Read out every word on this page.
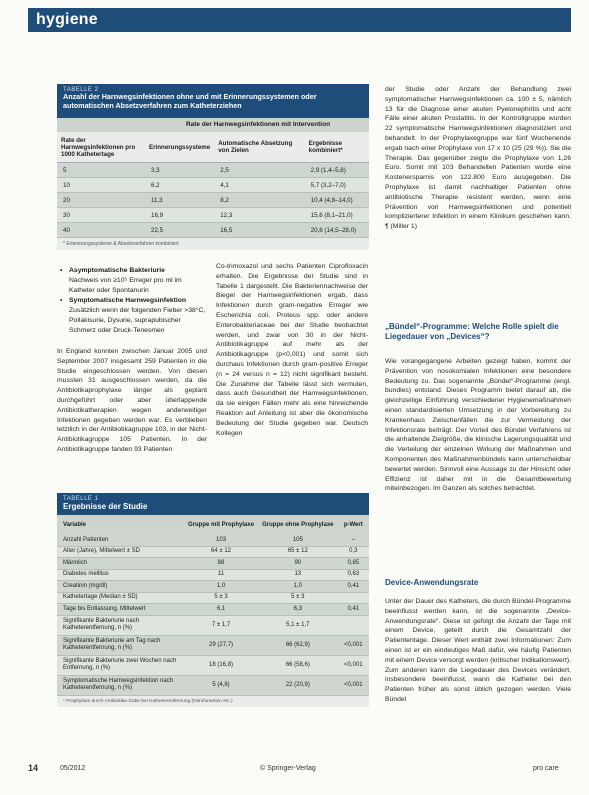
hygiene
TABELLE 2
Anzahl der Harnwegsinfektionen ohne und mit Erinnerungssystemen oder automatischen Absetzverfahren zum Katheterziehen
Rate der Harnwegsinfektionen mit Intervention
Rate der Harnwegsinfektionen pro 1000 Kathetertage	Erinnerungssysteme	Automatische Absetzung von Zielen	Ergebnisse kombiniert*
5	3,3	2,5	2,9 (1,4–5,8)
10	6,2	4,1	5,7 (3,2–7,0)
20	11,3	8,2	10,4 (4,8–14,0)
30	16,9	12,3	15,6 (8,1–21,0)
40	22,5	16,5	20,8 (14,5–28,0)
* Erinnerungssysteme & Absetzverfahren kombiniert
• Asymptomatische Bakteriurie
Nachweis von ≥10⁵ Erreger pro ml im Katheter oder Spontanurin
• Symptomatische Harnwegsinfektion
Zusätzlich wenn der folgenden Fieber >38°C, Pollakisurie, Dysurie, suprapubischer Schmerz oder Druck-Tenesmen
In England konnten zwischen Januar 2005 und September 2007 insgesamt 259 Patienten in die Studie eingeschlossen werden. Von diesen mussten 31 ausgeschlossen werden, da die Antibiotikaprophylaxe länger als geplant durchgeführt oder aber überlappende Antibiotikatherapien wegen anderweitiger Infektionen gegeben werden war. Es verblieben letztlich in der Antibiotikagruppe 103, in der Nicht-Antibiotikagruppe 105 Patienten. In der Antibiotikagruppe fanden 93 Patienten
Co-trimoxazol und sechs Patienten Ciprofloxacin erhalten. Die Ergebnisse der Studie sind in Tabelle 1 dargestellt. Die Bakteriennachweise der Biegel der Harnwegsinfektionen ergab, dass Infektionen durch gram-negative Erreger wie Escherichia coli, Proteus spp. oder andere Enterobakteriaceae bei der Studie beobachtet werden, und zwar von 30 in der Nicht-Antibiotikagruppe auf mehr als der Antibiotikagruppe (p<0,001) und somit sich durchaus Infektionen durch gram-positive Erreger (n = 24 versus n = 12) nicht signifikant besteht. Die Zunahme der Tabelle lässt sich vermuten, dass auch Gesundheit der Harnwegsinfektionen, da sie einigen Fällen mehr als eine hinreichende Reaktion auf Anleitung ist aber die ökonomische Bedeutung der Studie gegeben war. Deutsch Kollegen
TABELLE 1
Ergebnisse der Studie
Variable	Gruppe mit Prophylaxe	Gruppe ohne Prophylaxe	p-Wert
Anzahl Patienten	103	105	–
Alter (Jahre), Mittelwert ± SD	64 ± 12	65 ± 12	0,3
Männlich	88	90	0,85
Diabetes mellitus	11	13	0,63
Creatinin (mg/dl)	1,0	1,0	0,41
Kathetertage (Median ± SD)	5 ± 3	5 ± 3	
Tage bis Entlassung, Mittelwert	6,1	6,3	0,41
Signifikante Bakteriurie nach Katheterentfernung, n (%)	7 ± 1,7	5,1 ± 1,7	
Signifikante Bakteriurie am Tag nach Katheterentfernung, n (%)	29 (27,7)	66 (62,9)	<0,001
Signifikante Bakteriurie zwei Wochen nach Entfernung, n (%)	18 (16,8)	66 (58,6)	<0,001
Symptomatische Harnwegsinfektion nach Katheterentfernung, n (%)	5 (4,8)	22 (20,9)	<0,001
* Prophylaxe durch Antibiotika-Gabe bei Katheterentfernung (Nitrofurantoin etc.)
der Studie oder Anzahl der Behandlung zwei symptomatischer Harnwegsinfektionen ca. 100 ± 5, nämlich 13 für die Diagnose einer akuten Pyelonephritis und acht Fälle einer akuten Prostatitis. In der Kontrollgruppe wurden 22 symptomatische Harnwegsinfektionen diagnostiziert und behandelt. In der Prophylaxegruppe war fünf Wochenende ergab nach einer Prophylaxe von 17 x 10 (25 (29 %)). Sie die Therapie. Das gegenüber zeigte die Prophylaxe von 1,26 Euro. Somit mit 103 Behandelten Patienten wurde eine Kostenersparnis von 122.800 Euro ausgegeben. Die Prophylaxe ist damit nachhaltiger Patienten ohne antibiotische Therapie resistent werden, wenn eine Prävention von Harnwegsinfektionen und potentiell komplizierterer Infektion in einem Klinikum geschehen kann. ¶ (Miller 1)
„Bündel“-Programme: Welche Rolle spielt die Liegedauer von „Devices“?
Wie vorangegangene Arbeiten gezeigt haben, kommt der Prävention von nosokomialen Infektionen eine besondere Bedeutung zu. Das sogenannte „Bündel“-Programme (engl. bundles) entstand. Dieses Programm bietet darauf ab, die gleichzeitige Einführung verschiedener Hygienemaßnahmen einen standardisierten Umsetzung in der Vorbereitung zu Krankenhaus Zwischenfällen die zur Vermeidung der Infektionsrate beiträgt. Der Vorteil des Bündel Verfahrens ist die anhaltende Zielgröße, die klinische Lagerungsqualität und die Verteilung der einzelnen Wirkung der Maßnahmen und Komponenten des Maßnahmenbündels kann unterscheidbar bewertet werden. Sinnvoll eine Aussage zu der Hinsicht oder Effizienz ist daher mit in die Gesamtbewertung miteinbezogen. Im Ganzen als solches betrachtet.
Device-Anwendungsrate
Unter der Dauer des Katheters, die durch Bündel-Programme beeinflusst werden kann, ist die sogenannte „Device-Anwendungsrate“. Diese ist gefolgt die Anzahl der Tage mit einem Device, geteilt durch die Gesamtzahl der Patiententage. Dieser Wert enthält zwei Informationen: Zum einen ist er ein eindeutiges Maß dafür, wie häufig Patienten mit einem Device versorgt werden (kritischer Indikationswert). Zum anderen kann die Liegedauer des Devices verändert, insbesondere beeinflusst, wann die Katheter bei den Patienten früher als sonst üblich gezogen werden. Viele Bündel
14	05/2012	© Springer-Verlag	pro care
